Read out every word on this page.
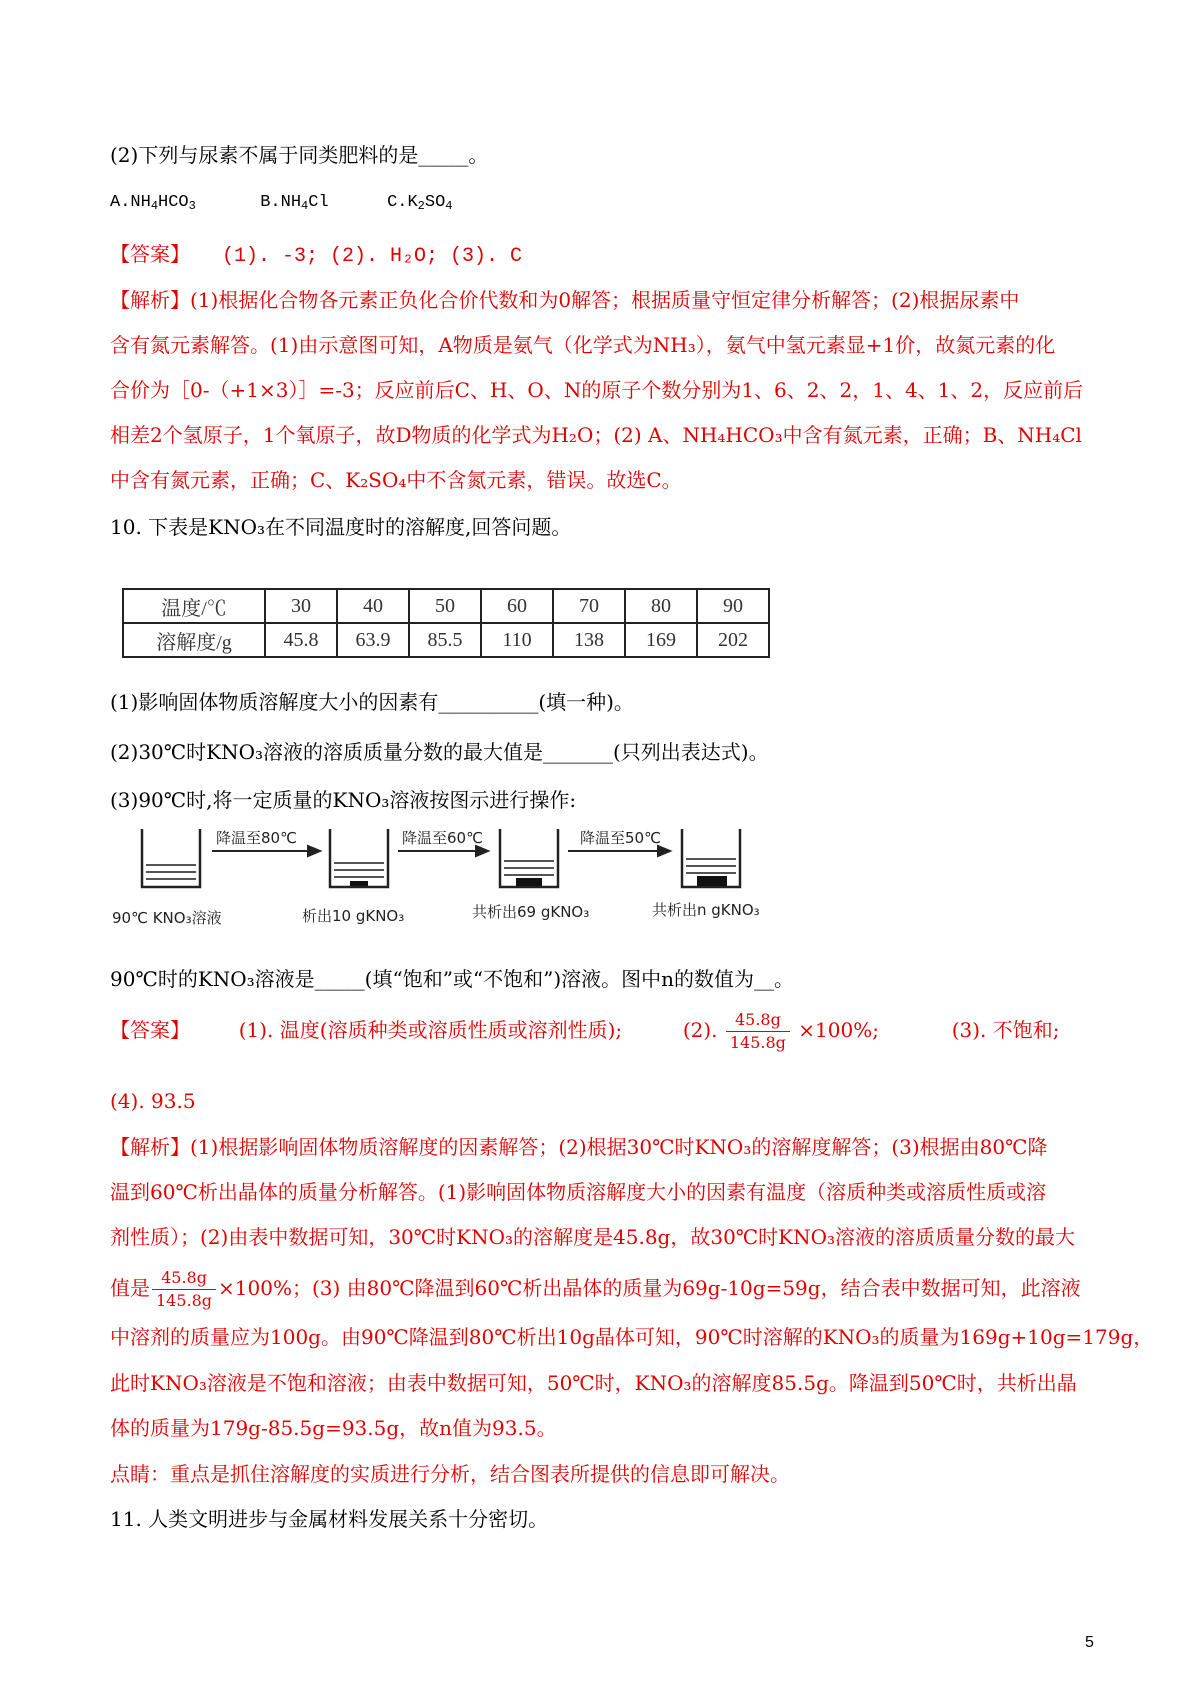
(2)下列与尿素不属于同类肥料的是_____。
$A.NH_4HCO_3$	$B.NH_4Cl$	$C.K_2SO_4$
【答案】 (1). -3; (2). H₂O; (3). C
【解析】(1)根据化合物各元素正负化合价代数和为0解答；根据质量守恒定律分析解答；(2)根据尿素中
含有氮元素解答。(1)由示意图可知，A物质是氨气（化学式为NH₃），氨气中氢元素显+1价，故氮元素的化
合价为［0-（+1×3）］=-3；反应前后C、H、O、N的原子个数分别为1、6、2、2，1、4、1、2，反应前后
相差2个氢原子，1个氧原子，故D物质的化学式为H₂O；(2) A、NH₄HCO₃中含有氮元素，正确；B、NH₄Cl
中含有氮元素，正确；C、K₂SO₄中不含氮元素，错误。故选C。
10. 下表是KNO₃在不同温度时的溶解度,回答问题。
温度/℃	30	40	50	60	70	80	90
溶解度/g	45.8	63.9	85.5	110	138	169	202
(1)影响固体物质溶解度大小的因素有__________(填一种)。
(2)30℃时KNO₃溶液的溶质质量分数的最大值是_______(只列出表达式)。
(3)90℃时,将一定质量的KNO₃溶液按图示进行操作:
降温至80℃	降温至60℃	降温至50℃
90℃ KNO₃溶液	析出10 gKNO₃	共析出69 gKNO₃	共析出n gKNO₃
90℃时的KNO₃溶液是_____(填“饱和”或“不饱和”)溶液。图中n的数值为__。
【答案】 (1). 温度(溶质种类或溶质性质或溶剂性质);	(2). $\frac{45.8g}{145.8g} \times 100\%$;	(3). 不饱和;
(4). 93.5
【解析】(1)根据影响固体物质溶解度的因素解答；(2)根据30℃时KNO₃的溶解度解答；(3)根据由80℃降
温到60℃析出晶体的质量分析解答。(1)影响固体物质溶解度大小的因素有温度（溶质种类或溶质性质或溶
剂性质）；(2)由表中数据可知，30℃时KNO₃的溶解度是45.8g，故30℃时KNO₃溶液的溶质质量分数的最大
值是 $\frac{45.8g}{145.8g} \times 100\%$；(3) 由80℃降温到60℃析出晶体的质量为69g-10g=59g，结合表中数据可知，此溶液
中溶剂的质量应为100g。由90℃降温到80℃析出10g晶体可知，90℃时溶解的KNO₃的质量为169g+10g=179g，
此时KNO₃溶液是不饱和溶液；由表中数据可知，50℃时，KNO₃的溶解度85.5g。降温到50℃时，共析出晶
体的质量为179g-85.5g=93.5g，故n值为93.5。
点睛：重点是抓住溶解度的实质进行分析，结合图表所提供的信息即可解决。
11. 人类文明进步与金属材料发展关系十分密切。
5
